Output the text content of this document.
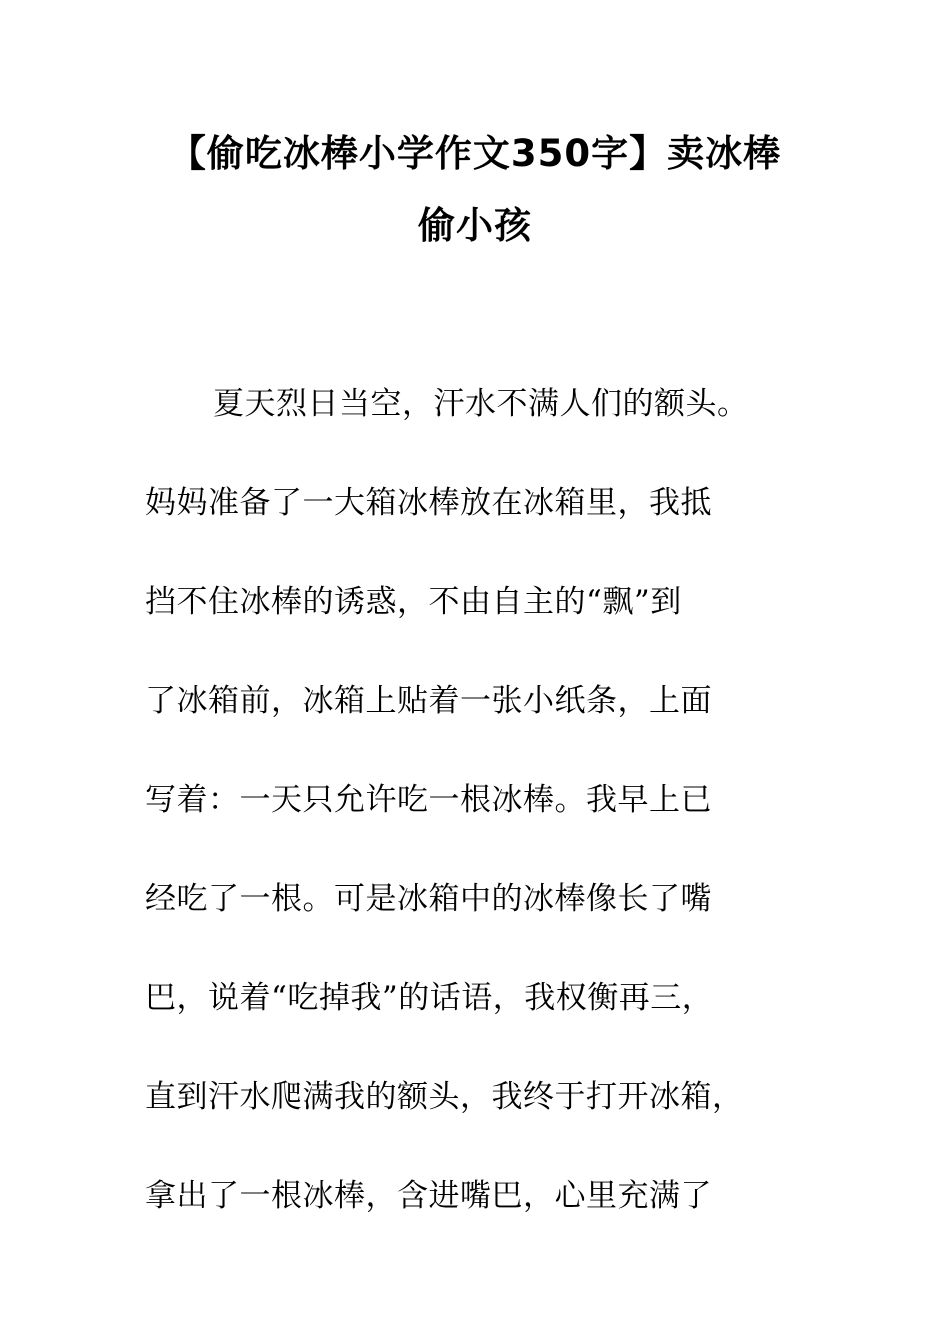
【偷吃冰棒小学作文350字】卖冰棒
偷小孩
夏天烈日当空，汗水不满人们的额头。
妈妈准备了一大箱冰棒放在冰箱里，我抵
挡不住冰棒的诱惑，不由自主的“飘”到
了冰箱前，冰箱上贴着一张小纸条，上面
写着：一天只允许吃一根冰棒。我早上已
经吃了一根。可是冰箱中的冰棒像长了嘴
巴，说着“吃掉我”的话语，我权衡再三，
直到汗水爬满我的额头，我终于打开冰箱，
拿出了一根冰棒，含进嘴巴，心里充满了
